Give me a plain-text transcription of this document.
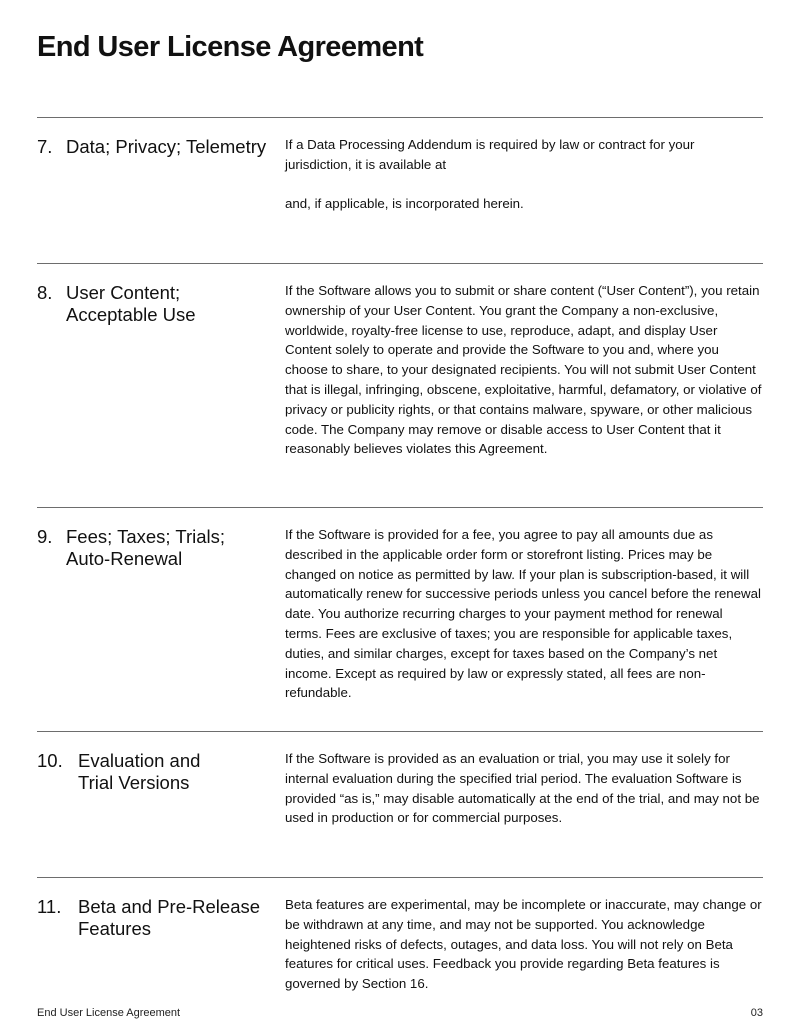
End User License Agreement
7. Data; Privacy; Telemetry	If a Data Processing Addendum is required by law or contract for your jurisdiction, it is available at

and, if applicable, is incorporated herein.

8. User Content; Acceptable Use

If the Software allows you to submit or share content (“User Content”), you retain ownership of your User Content. You grant the Company a non-exclusive, worldwide, royalty-free license to use, reproduce, adapt, and display User Content solely to operate and provide the Software to you and, where you choose to share, to your designated recipients. You will not submit User Content that is illegal, infringing, obscene, exploitative, harmful, defamatory, or violative of privacy or publicity rights, or that contains malware, spyware, or other malicious code. The Company may remove or disable access to User Content that it reasonably believes violates this Agreement.

9. Fees; Taxes; Trials; Auto-Renewal

If the Software is provided for a fee, you agree to pay all amounts due as described in the applicable order form or storefront listing. Prices may be changed on notice as permitted by law. If your plan is subscription-based, it will automatically renew for successive periods unless you cancel before the renewal date. You authorize recurring charges to your payment method for renewal terms. Fees are exclusive of taxes; you are responsible for applicable taxes, duties, and similar charges, except for taxes based on the Company’s net income. Except as required by law or expressly stated, all fees are non-refundable.

10. Evaluation and Trial Versions

If the Software is provided as an evaluation or trial, you may use it solely for internal evaluation during the specified trial period. The evaluation Software is provided “as is,” may disable automatically at the end of the trial, and may not be used in production or for commercial purposes.

11. Beta and Pre-Release Features

Beta features are experimental, may be incomplete or inaccurate, may change or be withdrawn at any time, and may not be supported. You acknowledge heightened risks of defects, outages, and data loss. You will not rely on Beta features for critical uses. Feedback you provide regarding Beta features is governed by Section 16.

End User License Agreement	03
